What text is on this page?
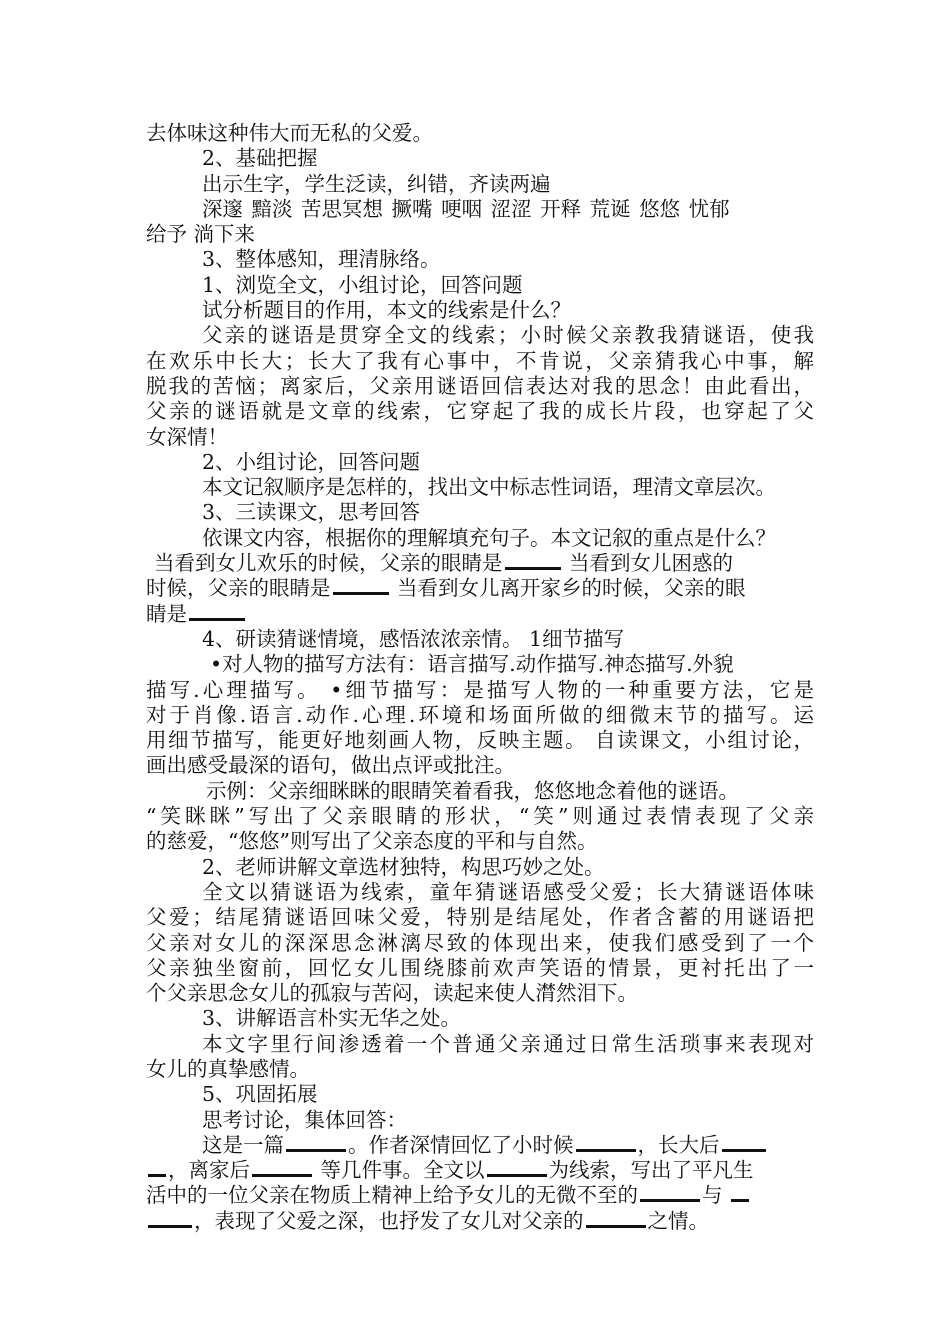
去体味这种伟大而无私的父爱。
2、基础把握
出示生字，学生泛读，纠错，齐读两遍
深邃 黯淡 苦思冥想 撅嘴 哽咽 涩涩 开释 荒诞 悠悠 忧郁
给予 淌下来
3、整体感知，理清脉络。
1、浏览全文，小组讨论，回答问题
试分析题目的作用，本文的线索是什么？
父亲的谜语是贯穿全文的线索；小时候父亲教我猜谜语，使我
在欢乐中长大；长大了我有心事中，不肯说，父亲猜我心中事，解
脱我的苦恼；离家后，父亲用谜语回信表达对我的思念！由此看出，
父亲的谜语就是文章的线索，它穿起了我的成长片段，也穿起了父
女深情！
2、小组讨论，回答问题
本文记叙顺序是怎样的，找出文中标志性词语，理清文章层次。
3、三读课文，思考回答
依课文内容，根据你的理解填充句子。本文记叙的重点是什么？
当看到女儿欢乐的时候，父亲的眼睛是	当看到女儿困惑的
时候，父亲的眼睛是	当看到女儿离开家乡的时候，父亲的眼
睛是
4、研读猜谜情境，感悟浓浓亲情。 1细节描写
•对人物的描写方法有：语言描写.动作描写.神态描写.外貌
描写.心理描写。 •细节描写：是描写人物的一种重要方法，它是
对于肖像.语言.动作.心理.环境和场面所做的细微末节的描写。运
用细节描写，能更好地刻画人物，反映主题。 自读课文，小组讨论，
画出感受最深的语句，做出点评或批注。
示例：父亲细眯眯的眼睛笑着看我，悠悠地念着他的谜语。
“笑眯眯”写出了父亲眼睛的形状，“笑”则通过表情表现了父亲
的慈爱，“悠悠”则写出了父亲态度的平和与自然。
2、老师讲解文章选材独特，构思巧妙之处。
全文以猜谜语为线索，童年猜谜语感受父爱；长大猜谜语体味
父爱；结尾猜谜语回味父爱，特别是结尾处，作者含蓄的用谜语把
父亲对女儿的深深思念淋漓尽致的体现出来，使我们感受到了一个
父亲独坐窗前，回忆女儿围绕膝前欢声笑语的情景，更衬托出了一
个父亲思念女儿的孤寂与苦闷，读起来使人潸然泪下。
3、讲解语言朴实无华之处。
本文字里行间渗透着一个普通父亲通过日常生活琐事来表现对
女儿的真挚感情。
5、巩固拓展
思考讨论，集体回答：
这是一篇	。作者深情回忆了小时候	，长大后
，离家后	等几件事。全文以	为线索，写出了平凡生
活中的一位父亲在物质上精神上给予女儿的无微不至的	与
，表现了父爱之深，也抒发了女儿对父亲的	之情。
